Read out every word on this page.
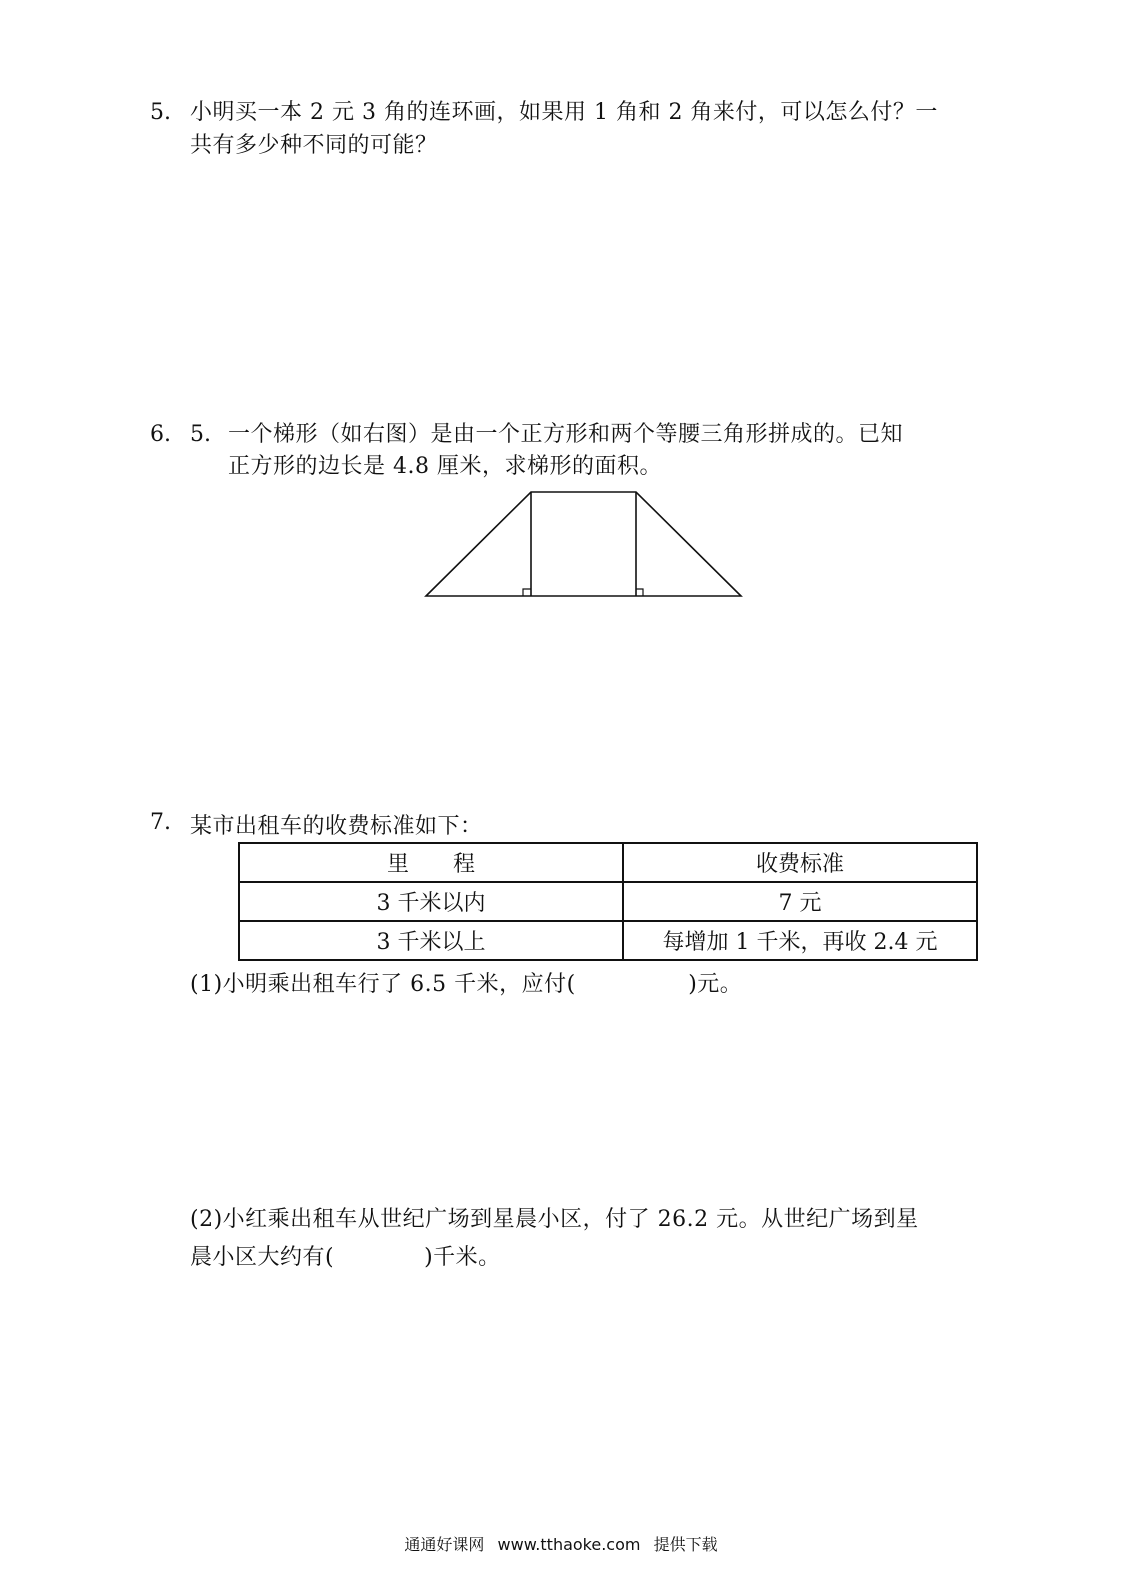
5. 小明买一本 2 元 3 角的连环画，如果用 1 角和 2 角来付，可以怎么付？一
共有多少种不同的可能？
6. 5. 一个梯形（如右图）是由一个正方形和两个等腰三角形拼成的。已知
正方形的边长是 4.8 厘米，求梯形的面积。
7. 某市出租车的收费标准如下：
里　　程	收费标准
3 千米以内	7 元
3 千米以上	每增加 1 千米，再收 2.4 元
(1)小明乘出租车行了 6.5 千米，应付(　　　　　)元。
(2)小红乘出租车从世纪广场到星晨小区，付了 26.2 元。从世纪广场到星
晨小区大约有(　　　　)千米。
通通好课网 www.tthaoke.com 提供下载
